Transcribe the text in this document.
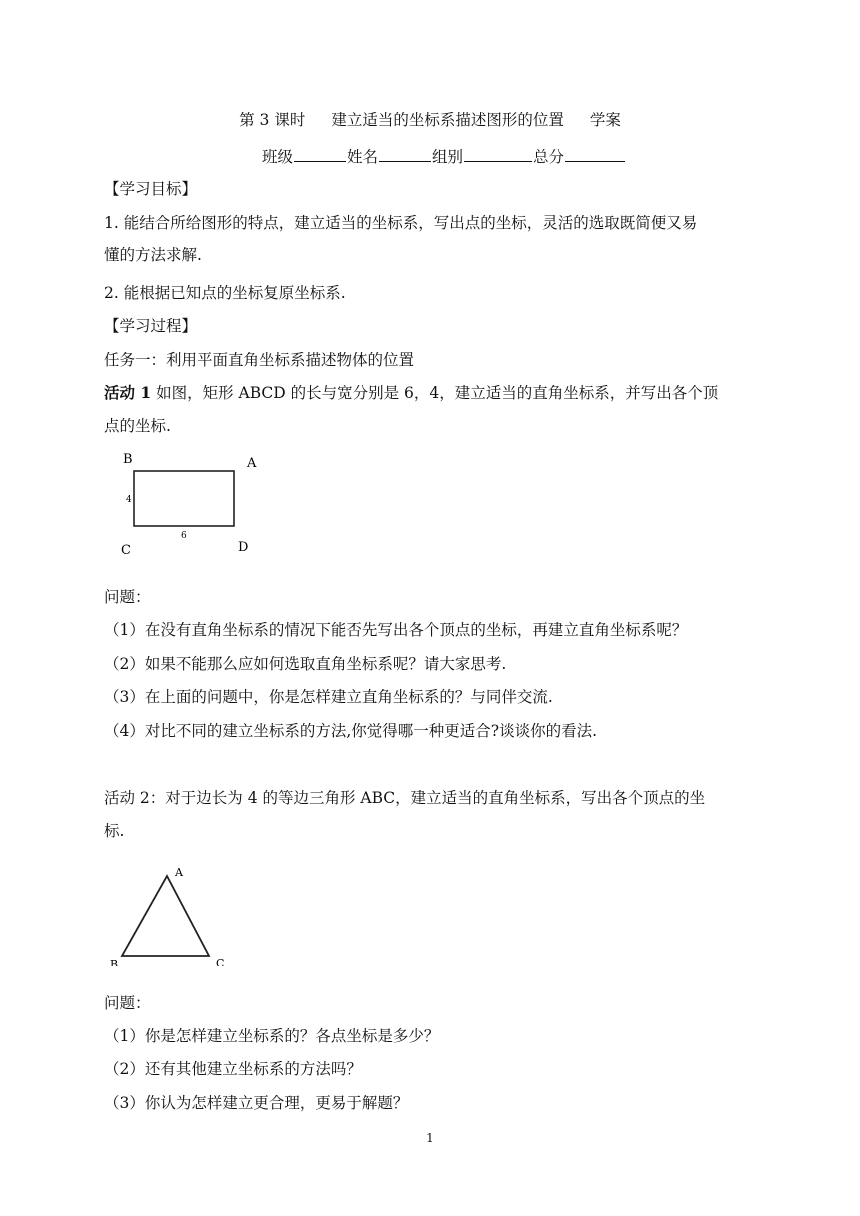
第 3 课时 建立适当的坐标系描述图形的位置 学案
班级	姓名	组别	总分
【学习目标】
1. 能结合所给图形的特点，建立适当的坐标系，写出点的坐标，灵活的选取既简便又易
懂的方法求解.
2. 能根据已知点的坐标复原坐标系.
【学习过程】
任务一：利用平面直角坐标系描述物体的位置
活动 1 如图，矩形 ABCD 的长与宽分别是 6，4，建立适当的直角坐标系，并写出各个顶
点的坐标.
B	A
C	D
4
6
问题：
（1）在没有直角坐标系的情况下能否先写出各个顶点的坐标，再建立直角坐标系呢？
（2）如果不能那么应如何选取直角坐标系呢？请大家思考.
（3）在上面的问题中，你是怎样建立直角坐标系的？与同伴交流.
（4）对比不同的建立坐标系的方法,你觉得哪一种更适合?谈谈你的看法.
活动 2：对于边长为 4 的等边三角形 ABC，建立适当的直角坐标系，写出各个顶点的坐
标.
A
B	C
问题：
（1）你是怎样建立坐标系的？各点坐标是多少？
（2）还有其他建立坐标系的方法吗？
（3）你认为怎样建立更合理，更易于解题？
1
